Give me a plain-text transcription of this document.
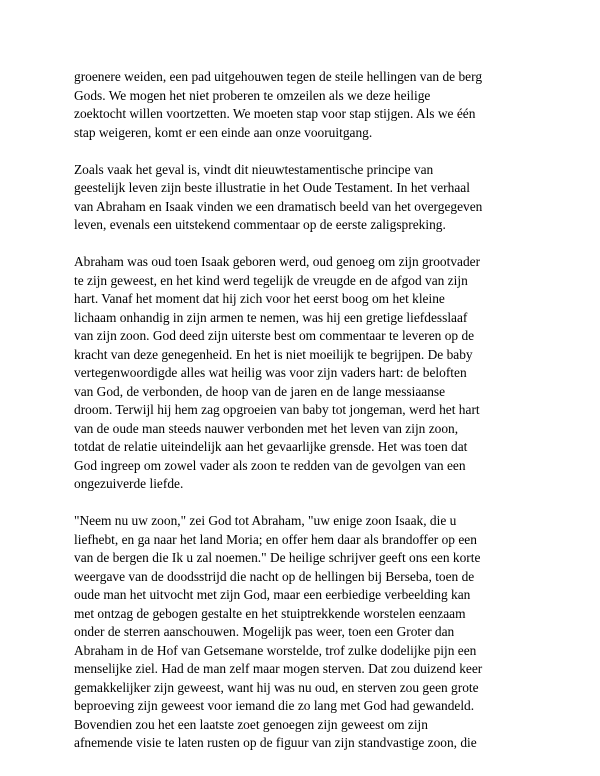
groenere weiden, een pad uitgehouwen tegen de steile hellingen van de berg
Gods. We mogen het niet proberen te omzeilen als we deze heilige
zoektocht willen voortzetten. We moeten stap voor stap stijgen. Als we één
stap weigeren, komt er een einde aan onze vooruitgang.

Zoals vaak het geval is, vindt dit nieuwtestamentische principe van
geestelijk leven zijn beste illustratie in het Oude Testament. In het verhaal
van Abraham en Isaak vinden we een dramatisch beeld van het overgegeven
leven, evenals een uitstekend commentaar op de eerste zaligspreking.

Abraham was oud toen Isaak geboren werd, oud genoeg om zijn grootvader
te zijn geweest, en het kind werd tegelijk de vreugde en de afgod van zijn
hart. Vanaf het moment dat hij zich voor het eerst boog om het kleine
lichaam onhandig in zijn armen te nemen, was hij een gretige liefdesslaaf
van zijn zoon. God deed zijn uiterste best om commentaar te leveren op de
kracht van deze genegenheid. En het is niet moeilijk te begrijpen. De baby
vertegenwoordigde alles wat heilig was voor zijn vaders hart: de beloften
van God, de verbonden, de hoop van de jaren en de lange messiaanse
droom. Terwijl hij hem zag opgroeien van baby tot jongeman, werd het hart
van de oude man steeds nauwer verbonden met het leven van zijn zoon,
totdat de relatie uiteindelijk aan het gevaarlijke grensde. Het was toen dat
God ingreep om zowel vader als zoon te redden van de gevolgen van een
ongezuiverde liefde.

"Neem nu uw zoon," zei God tot Abraham, "uw enige zoon Isaak, die u
liefhebt, en ga naar het land Moria; en offer hem daar als brandoffer op een
van de bergen die Ik u zal noemen." De heilige schrijver geeft ons een korte
weergave van de doodsstrijd die nacht op de hellingen bij Berseba, toen de
oude man het uitvocht met zijn God, maar een eerbiedige verbeelding kan
met ontzag de gebogen gestalte en het stuiptrekkende worstelen eenzaam
onder de sterren aanschouwen. Mogelijk pas weer, toen een Groter dan
Abraham in de Hof van Getsemane worstelde, trof zulke dodelijke pijn een
menselijke ziel. Had de man zelf maar mogen sterven. Dat zou duizend keer
gemakkelijker zijn geweest, want hij was nu oud, en sterven zou geen grote
beproeving zijn geweest voor iemand die zo lang met God had gewandeld.
Bovendien zou het een laatste zoet genoegen zijn geweest om zijn
afnemende visie te laten rusten op de figuur van zijn standvastige zoon, die
